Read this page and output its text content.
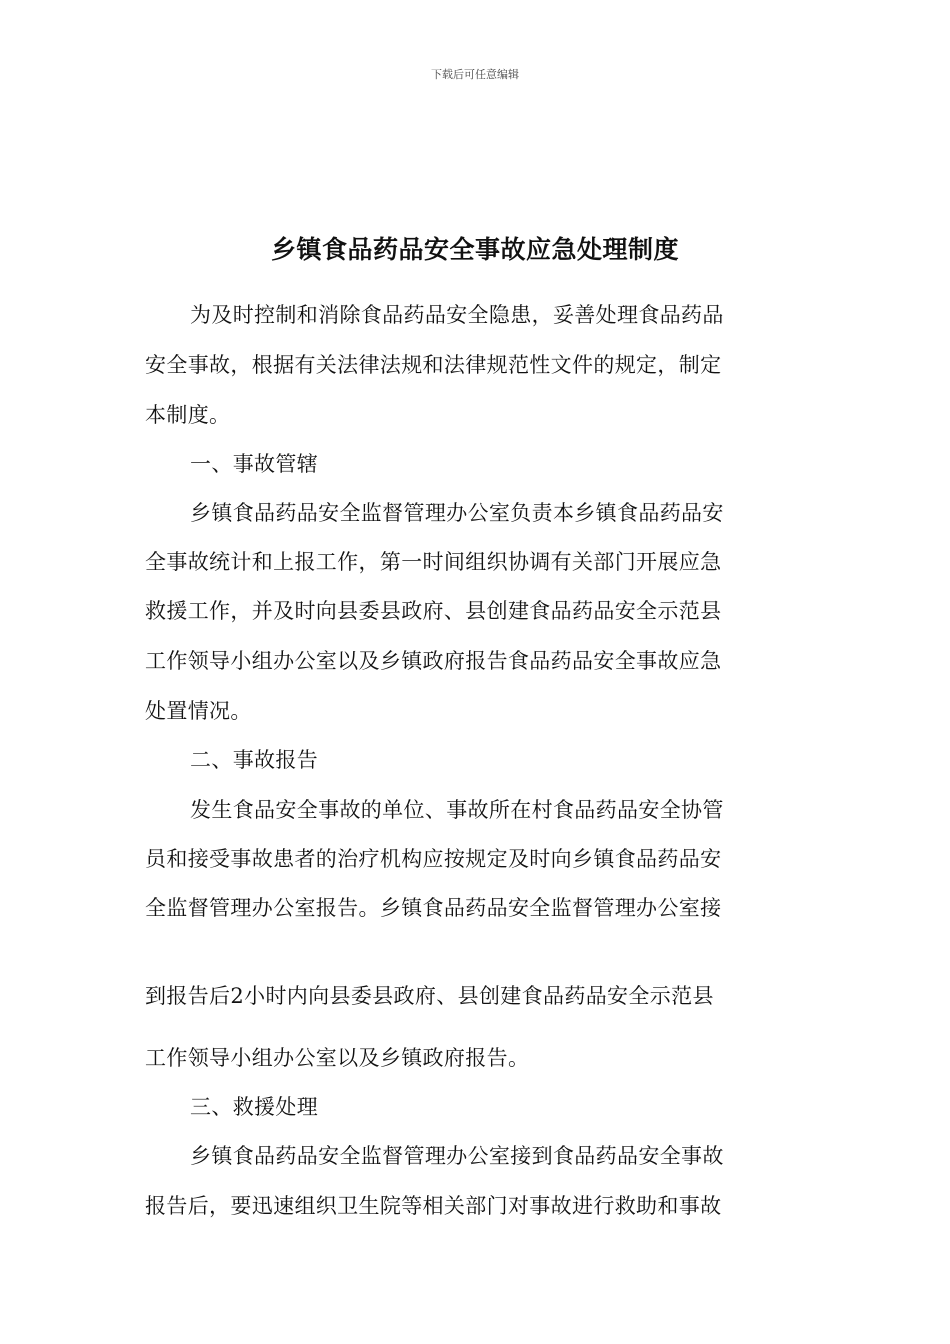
下载后可任意编辑
乡镇食品药品安全事故应急处理制度
为及时控制和消除食品药品安全隐患，妥善处理食品药品
安全事故，根据有关法律法规和法律规范性文件的规定，制定
本制度。
一、事故管辖
乡镇食品药品安全监督管理办公室负责本乡镇食品药品安
全事故统计和上报工作，第一时间组织协调有关部门开展应急
救援工作，并及时向县委县政府、县创建食品药品安全示范县
工作领导小组办公室以及乡镇政府报告食品药品安全事故应急
处置情况。
二、事故报告
发生食品安全事故的单位、事故所在村食品药品安全协管
员和接受事故患者的治疗机构应按规定及时向乡镇食品药品安
全监督管理办公室报告。乡镇食品药品安全监督管理办公室接
到报告后2小时内向县委县政府、县创建食品药品安全示范县
工作领导小组办公室以及乡镇政府报告。
三、救援处理
乡镇食品药品安全监督管理办公室接到食品药品安全事故
报告后，要迅速组织卫生院等相关部门对事故进行救助和事故
